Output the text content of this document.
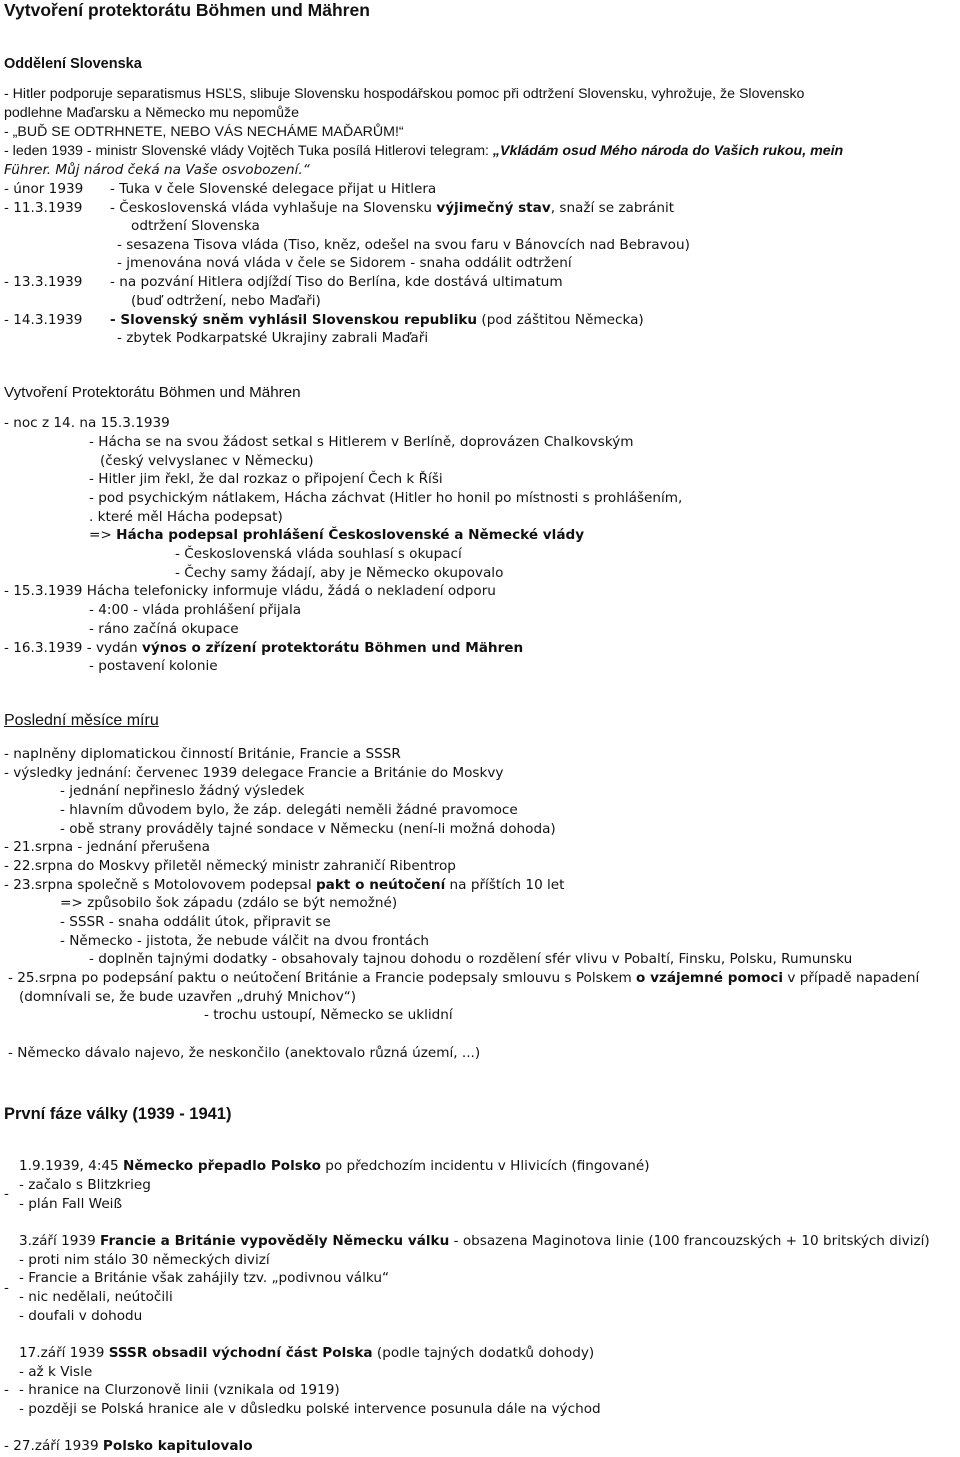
Vytvoření protektorátu Böhmen und Mähren
Oddělení Slovenska
- Hitler podporuje separatismus HSĽS, slibuje Slovensku hospodářskou pomoc při odtržení Slovensku, vyhrožuje, že Slovensko
podlehne Maďarsku a Německo mu nepomůže
- „BUĎ SE ODTRHNETE, NEBO VÁS NECHÁME MAĎARŮM!“
- leden 1939 - ministr Slovenské vlády Vojtěch Tuka posílá Hitlerovi telegram: „Vkládám osud Mého národa do Vašich rukou, mein
Führer. Můj národ čeká na Vaše osvobození.“
- únor 1939 - Tuka v čele Slovenské delegace přijat u Hitlera
- 11.3.1939 - Československá vláda vyhlašuje na Slovensku výjimečný stav, snaží se zabránit
odtržení Slovenska
- sesazena Tisova vláda (Tiso, kněz, odešel na svou faru v Bánovcích nad Bebravou)
- jmenována nová vláda v čele se Sidorem - snaha oddálit odtržení
- 13.3.1939 - na pozvání Hitlera odjíždí Tiso do Berlína, kde dostává ultimatum
(buď odtržení, nebo Maďaři)
- 14.3.1939 - Slovenský sněm vyhlásil Slovenskou republiku (pod záštitou Německa)
- zbytek Podkarpatské Ukrajiny zabrali Maďaři
Vytvoření Protektorátu Böhmen und Mähren
- noc z 14. na 15.3.1939
- Hácha se na svou žádost setkal s Hitlerem v Berlíně, doprovázen Chalkovským
(český velvyslanec v Německu)
- Hitler jim řekl, že dal rozkaz o připojení Čech k Říši
- pod psychickým nátlakem, Hácha záchvat (Hitler ho honil po místnosti s prohlášením,
. které měl Hácha podepsat)
=> Hácha podepsal prohlášení Československé a Německé vlády
- Československá vláda souhlasí s okupací
- Čechy samy žádají, aby je Německo okupovalo
- 15.3.1939 Hácha telefonicky informuje vládu, žádá o nekladení odporu
- 4:00 - vláda prohlášení přijala
- ráno začíná okupace
- 16.3.1939 - vydán výnos o zřízení protektorátu Böhmen und Mähren
- postavení kolonie
Poslední měsíce míru
- naplněny diplomatickou činností Británie, Francie a SSSR
- výsledky jednání: červenec 1939 delegace Francie a Británie do Moskvy
- jednání nepřineslo žádný výsledek
- hlavním důvodem bylo, že záp. delegáti neměli žádné pravomoce
- obě strany prováděly tajné sondace v Německu (není-li možná dohoda)
- 21.srpna - jednání přerušena
- 22.srpna do Moskvy přiletěl německý ministr zahraničí Ribentrop
- 23.srpna společně s Motolovovem podepsal pakt o neútočení na příštích 10 let
=> způsobilo šok západu (zdálo se být nemožné)
- SSSR - snaha oddálit útok, připravit se
- Německo - jistota, že nebude válčit na dvou frontách
- doplněn tajnými dodatky - obsahovaly tajnou dohodu o rozdělení sfér vlivu v Pobaltí, Finsku, Polsku, Rumunsku
- 25.srpna po podepsání paktu o neútočení Británie a Francie podepsaly smlouvu s Polskem o vzájemné pomoci v případě napadení
(domnívali se, že bude uzavřen „druhý Mnichov“)
- trochu ustoupí, Německo se uklidní
- Německo dávalo najevo, že neskončilo (anektovalo různá území, ...)
První fáze války (1939 - 1941)
-
1.9.1939, 4:45 Německo přepadlo Polsko po předchozím incidentu v Hlivicích (fingované)
- začalo s Blitzkrieg
- plán Fall Weiß
-
3.září 1939 Francie a Británie vypověděly Německu válku - obsazena Maginotova linie (100 francouzských + 10 britských divizí)
- proti nim stálo 30 německých divizí
- Francie a Británie však zahájily tzv. „podivnou válku“
- nic nedělali, neútočili
- doufali v dohodu
-
17.září 1939 SSSR obsadil východní část Polska (podle tajných dodatků dohody)
- až k Visle
- hranice na Clurzonově linii (vznikala od 1919)
- později se Polská hranice ale v důsledku polské intervence posunula dále na východ
- 27.září 1939 Polsko kapitulovalo
